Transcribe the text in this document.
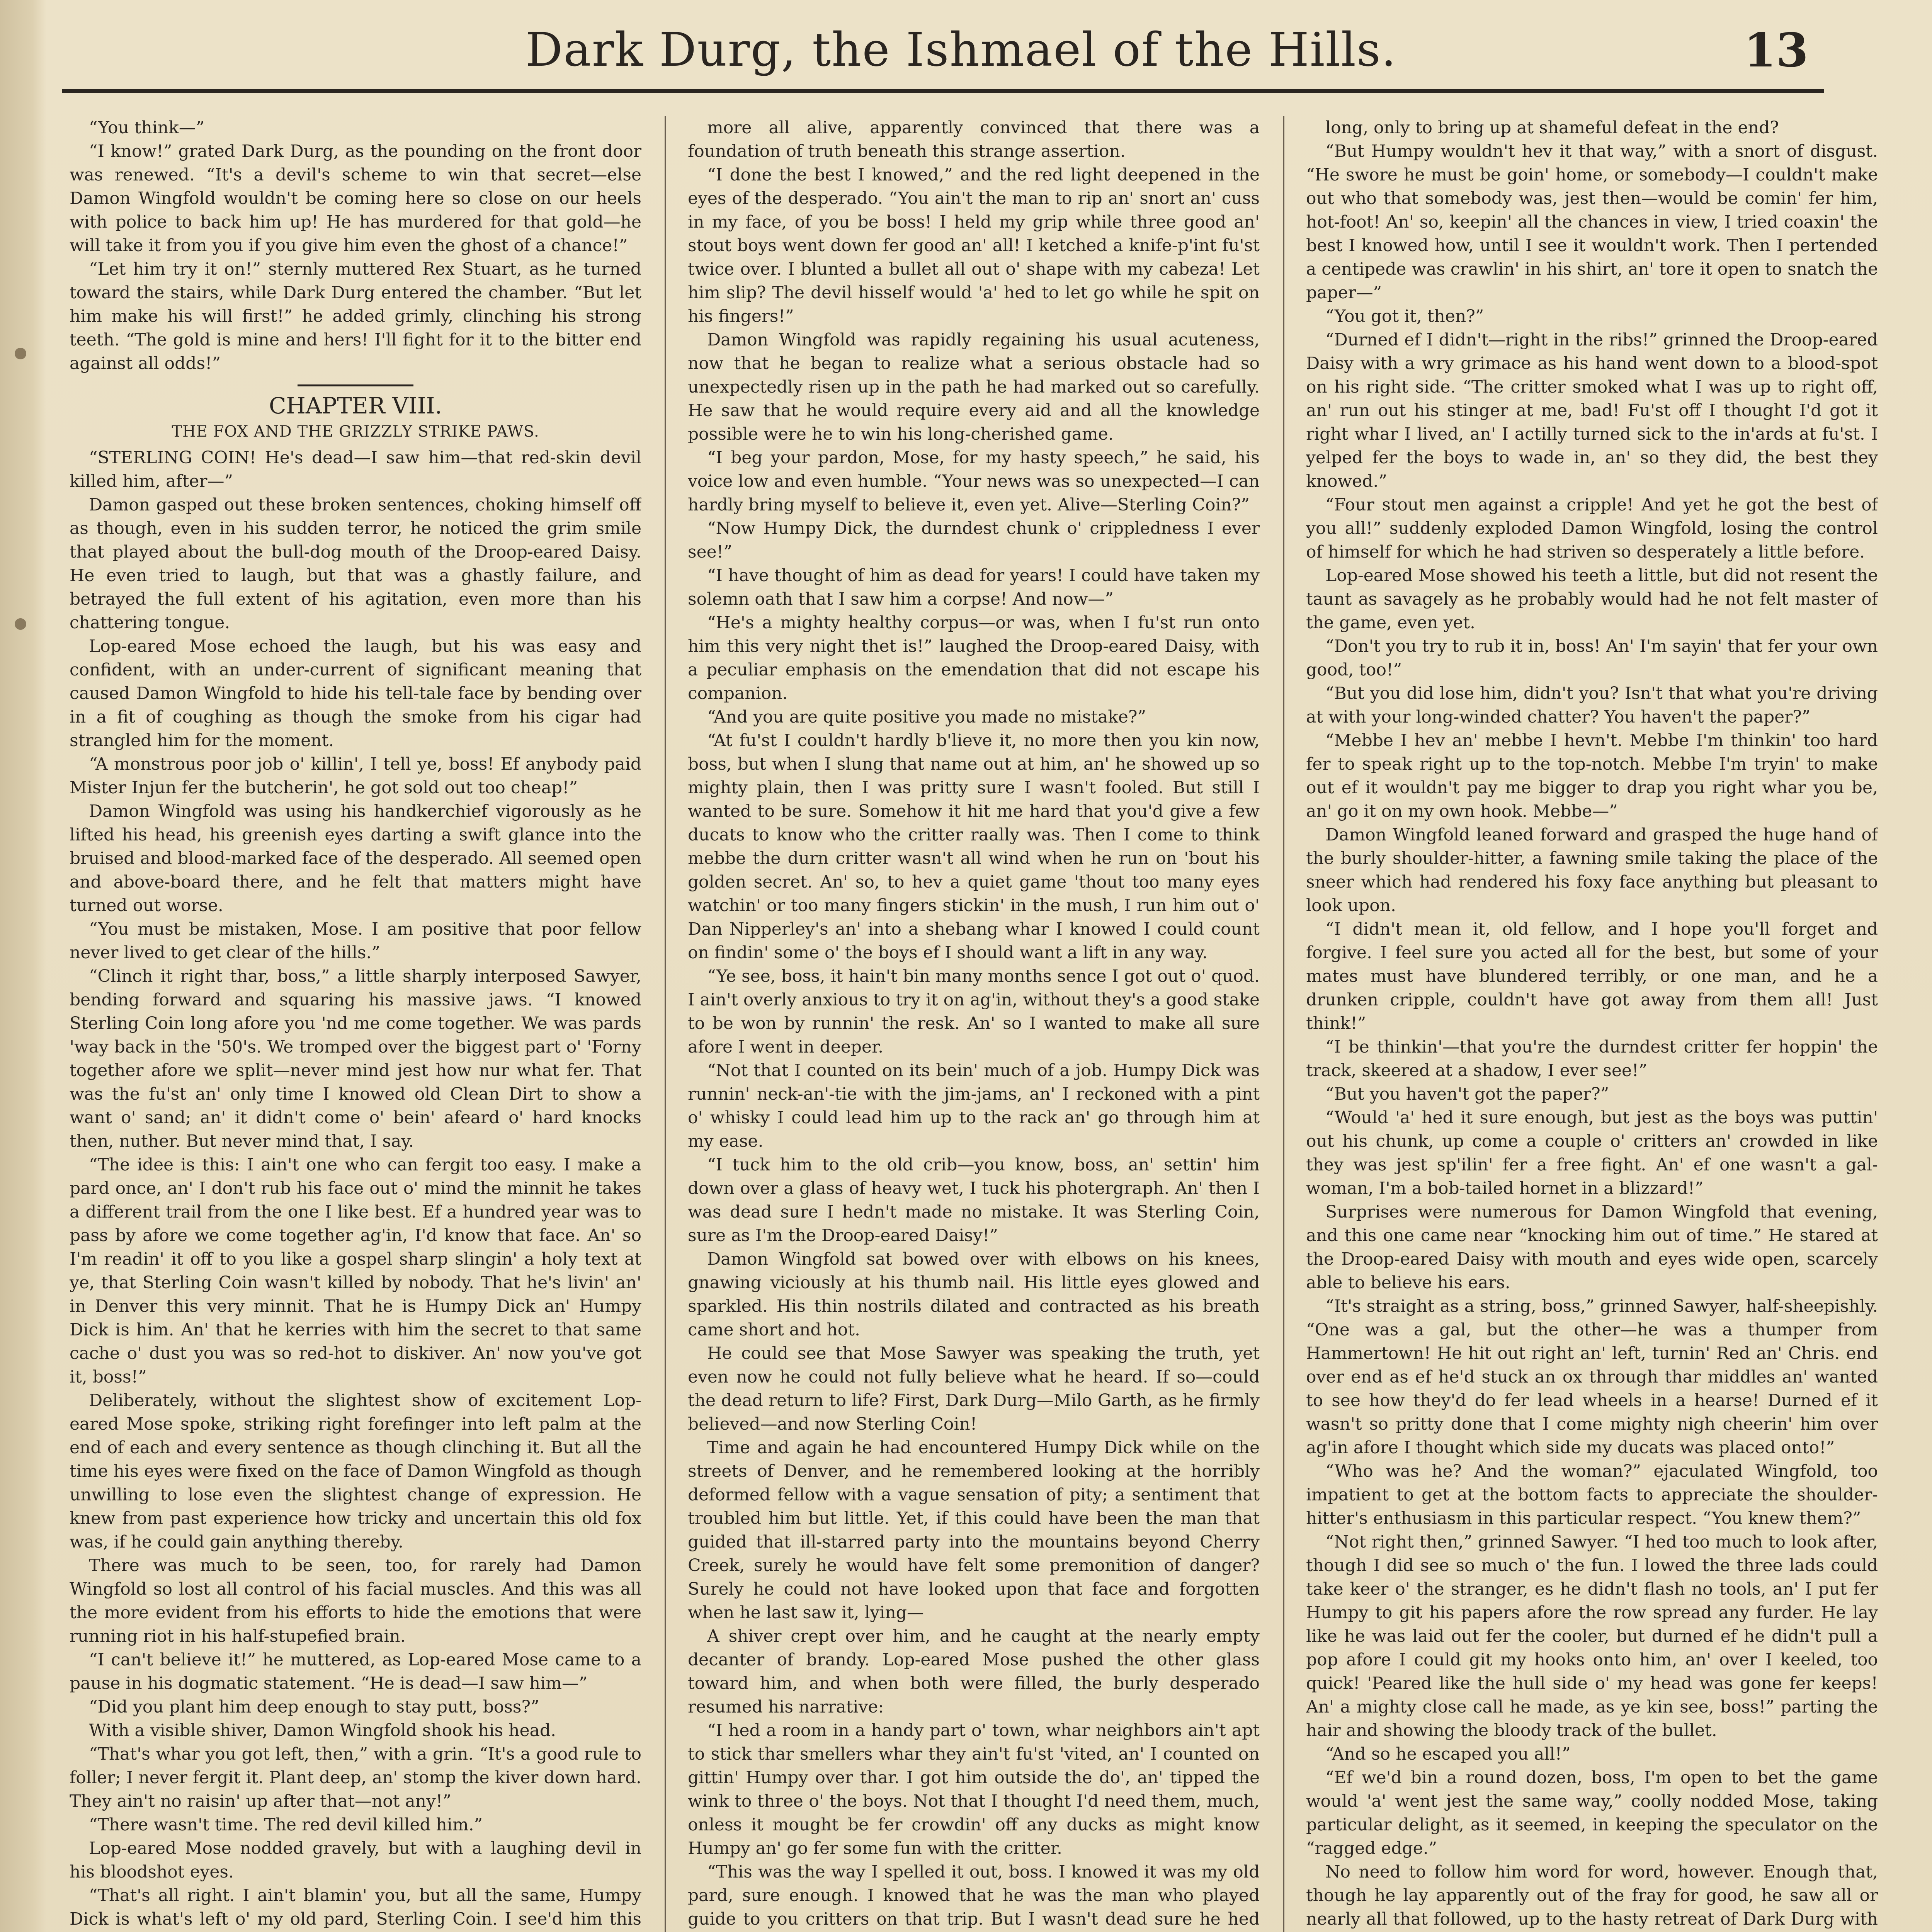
Dark Durg, the Ishmael of the Hills.	13

“You think—”

“I know!” grated Dark Durg, as the pounding on the front door was renewed. “It's a devil's scheme to win that secret—else Damon Wingfold wouldn't be coming here so close on our heels with police to back him up! He has murdered for that gold—he will take it from you if you give him even the ghost of a chance!”

“Let him try it on!” sternly muttered Rex Stuart, as he turned toward the stairs, while Dark Durg entered the chamber. “But let him make his will first!” he added grimly, clinching his strong teeth. “The gold is mine and hers! I'll fight for it to the bitter end against all odds!”

CHAPTER VIII.

THE FOX AND THE GRIZZLY STRIKE PAWS.

“STERLING COIN! He's dead—I saw him—that red-skin devil killed him, after—”

Damon gasped out these broken sentences, choking himself off as though, even in his sudden terror, he noticed the grim smile that played about the bull-dog mouth of the Droop-eared Daisy. He even tried to laugh, but that was a ghastly failure, and betrayed the full extent of his agitation, even more than his chattering tongue.

Lop-eared Mose echoed the laugh, but his was easy and confident, with an under-current of significant meaning that caused Damon Wingfold to hide his tell-tale face by bending over in a fit of coughing as though the smoke from his cigar had strangled him for the moment.

“A monstrous poor job o' killin', I tell ye, boss! Ef anybody paid Mister Injun fer the butcherin', he got sold out too cheap!”

Damon Wingfold was using his handkerchief vigorously as he lifted his head, his greenish eyes darting a swift glance into the bruised and blood-marked face of the desperado. All seemed open and above-board there, and he felt that matters might have turned out worse.

“You must be mistaken, Mose. I am positive that poor fellow never lived to get clear of the hills.”

“Clinch it right thar, boss,” a little sharply interposed Sawyer, bending forward and squaring his massive jaws. “I knowed Sterling Coin long afore you 'nd me come together. We was pards 'way back in the '50's. We tromped over the biggest part o' 'Forny together afore we split—never mind jest how nur what fer. That was the fu'st an' only time I knowed old Clean Dirt to show a want o' sand; an' it didn't come o' bein' afeard o' hard knocks then, nuther. But never mind that, I say.

“The idee is this: I ain't one who can fergit too easy. I make a pard once, an' I don't rub his face out o' mind the minnit he takes a different trail from the one I like best. Ef a hundred year was to pass by afore we come together ag'in, I'd know that face. An' so I'm readin' it off to you like a gospel sharp slingin' a holy text at ye, that Sterling Coin wasn't killed by nobody. That he's livin' an' in Denver this very minnit. That he is Humpy Dick an' Humpy Dick is him. An' that he kerries with him the secret to that same cache o' dust you was so red-hot to diskiver. An' now you've got it, boss!”

Deliberately, without the slightest show of excitement Lop-eared Mose spoke, striking right forefinger into left palm at the end of each and every sentence as though clinching it. But all the time his eyes were fixed on the face of Damon Wingfold as though unwilling to lose even the slightest change of expression. He knew from past experience how tricky and uncertain this old fox was, if he could gain anything thereby.

There was much to be seen, too, for rarely had Damon Wingfold so lost all control of his facial muscles. And this was all the more evident from his efforts to hide the emotions that were running riot in his half-stupefied brain.

“I can't believe it!” he muttered, as Lop-eared Mose came to a pause in his dogmatic statement. “He is dead—I saw him—”

“Did you plant him deep enough to stay putt, boss?”

With a visible shiver, Damon Wingfold shook his head.

“That's whar you got left, then,” with a grin. “It's a good rule to foller; I never fergit it. Plant deep, an' stomp the kiver down hard. They ain't no raisin' up after that—not any!”

“There wasn't time. The red devil killed him.”

Lop-eared Mose nodded gravely, but with a laughing devil in his bloodshot eyes.

“That's all right. I ain't blamin' you, but all the same, Humpy Dick is what's left o' my old pard, Sterling Coin. I see'd him this

more all alive, apparently convinced that there was a foundation of truth beneath this strange assertion.

“I done the best I knowed,” and the red light deepened in the eyes of the desperado. “You ain't the man to rip an' snort an' cuss in my face, of you be boss! I held my grip while three good an' stout boys went down fer good an' all! I ketched a knife-p'int fu'st twice over. I blunted a bullet all out o' shape with my cabeza! Let him slip? The devil hisself would 'a' hed to let go while he spit on his fingers!”

Damon Wingfold was rapidly regaining his usual acuteness, now that he began to realize what a serious obstacle had so unexpectedly risen up in the path he had marked out so carefully. He saw that he would require every aid and all the knowledge possible were he to win his long-cherished game.

“I beg your pardon, Mose, for my hasty speech,” he said, his voice low and even humble. “Your news was so unexpected—I can hardly bring myself to believe it, even yet. Alive—Sterling Coin?”

“Now Humpy Dick, the durndest chunk o' crippledness I ever see!”

“I have thought of him as dead for years! I could have taken my solemn oath that I saw him a corpse! And now—”

“He's a mighty healthy corpus—or was, when I fu'st run onto him this very night thet is!” laughed the Droop-eared Daisy, with a peculiar emphasis on the emendation that did not escape his companion.

“And you are quite positive you made no mistake?”

“At fu'st I couldn't hardly b'lieve it, no more then you kin now, boss, but when I slung that name out at him, an' he showed up so mighty plain, then I was pritty sure I wasn't fooled. But still I wanted to be sure. Somehow it hit me hard that you'd give a few ducats to know who the critter raally was. Then I come to think mebbe the durn critter wasn't all wind when he run on 'bout his golden secret. An' so, to hev a quiet game 'thout too many eyes watchin' or too many fingers stickin' in the mush, I run him out o' Dan Nipperley's an' into a shebang whar I knowed I could count on findin' some o' the boys ef I should want a lift in any way.

“Ye see, boss, it hain't bin many months sence I got out o' quod. I ain't overly anxious to try it on ag'in, without they's a good stake to be won by runnin' the resk. An' so I wanted to make all sure afore I went in deeper.

“Not that I counted on its bein' much of a job. Humpy Dick was runnin' neck-an'-tie with the jim-jams, an' I reckoned with a pint o' whisky I could lead him up to the rack an' go through him at my ease.

“I tuck him to the old crib—you know, boss, an' settin' him down over a glass of heavy wet, I tuck his photergraph. An' then I was dead sure I hedn't made no mistake. It was Sterling Coin, sure as I'm the Droop-eared Daisy!”

Damon Wingfold sat bowed over with elbows on his knees, gnawing viciously at his thumb nail. His little eyes glowed and sparkled. His thin nostrils dilated and contracted as his breath came short and hot.

He could see that Mose Sawyer was speaking the truth, yet even now he could not fully believe what he heard. If so—could the dead return to life? First, Dark Durg—Milo Garth, as he firmly believed—and now Sterling Coin!

Time and again he had encountered Humpy Dick while on the streets of Denver, and he remembered looking at the horribly deformed fellow with a vague sensation of pity; a sentiment that troubled him but little. Yet, if this could have been the man that guided that ill-starred party into the mountains beyond Cherry Creek, surely he would have felt some premonition of danger? Surely he could not have looked upon that face and forgotten when he last saw it, lying—

A shiver crept over him, and he caught at the nearly empty decanter of brandy. Lop-eared Mose pushed the other glass toward him, and when both were filled, the burly desperado resumed his narrative:

“I hed a room in a handy part o' town, whar neighbors ain't apt to stick thar smellers whar they ain't fu'st 'vited, an' I counted on gittin' Humpy over thar. I got him outside the do', an' tipped the wink to three o' the boys. Not that I thought I'd need them, much, onless it mought be fer crowdin' off any ducks as might know Humpy an' go fer some fun with the critter.

“This was the way I spelled it out, boss. I knowed it was my old pard, sure enough. I knowed that he was the man who played guide to you critters on that trip. But I wasn't dead sure he hed

long, only to bring up at shameful defeat in the end?

“But Humpy wouldn't hev it that way,” with a snort of disgust. “He swore he must be goin' home, or somebody—I couldn't make out who that somebody was, jest then—would be comin' fer him, hot-foot! An' so, keepin' all the chances in view, I tried coaxin' the best I knowed how, until I see it wouldn't work. Then I pertended a centipede was crawlin' in his shirt, an' tore it open to snatch the paper—”

“You got it, then?”

“Durned ef I didn't—right in the ribs!” grinned the Droop-eared Daisy with a wry grimace as his hand went down to a blood-spot on his right side. “The critter smoked what I was up to right off, an' run out his stinger at me, bad! Fu'st off I thought I'd got it right whar I lived, an' I actilly turned sick to the in'ards at fu'st. I yelped fer the boys to wade in, an' so they did, the best they knowed.”

“Four stout men against a cripple! And yet he got the best of you all!” suddenly exploded Damon Wingfold, losing the control of himself for which he had striven so desperately a little before.

Lop-eared Mose showed his teeth a little, but did not resent the taunt as savagely as he probably would had he not felt master of the game, even yet.

“Don't you try to rub it in, boss! An' I'm sayin' that fer your own good, too!”

“But you did lose him, didn't you? Isn't that what you're driving at with your long-winded chatter? You haven't the paper?”

“Mebbe I hev an' mebbe I hevn't. Mebbe I'm thinkin' too hard fer to speak right up to the top-notch. Mebbe I'm tryin' to make out ef it wouldn't pay me bigger to drap you right whar you be, an' go it on my own hook. Mebbe—”

Damon Wingfold leaned forward and grasped the huge hand of the burly shoulder-hitter, a fawning smile taking the place of the sneer which had rendered his foxy face anything but pleasant to look upon.

“I didn't mean it, old fellow, and I hope you'll forget and forgive. I feel sure you acted all for the best, but some of your mates must have blundered terribly, or one man, and he a drunken cripple, couldn't have got away from them all! Just think!”

“I be thinkin'—that you're the durndest critter fer hoppin' the track, skeered at a shadow, I ever see!”

“But you haven't got the paper?”

“Would 'a' hed it sure enough, but jest as the boys was puttin' out his chunk, up come a couple o' critters an' crowded in like they was jest sp'ilin' fer a free fight. An' ef one wasn't a gal-woman, I'm a bob-tailed hornet in a blizzard!”

Surprises were numerous for Damon Wingfold that evening, and this one came near “knocking him out of time.” He stared at the Droop-eared Daisy with mouth and eyes wide open, scarcely able to believe his ears.

“It's straight as a string, boss,” grinned Sawyer, half-sheepishly. “One was a gal, but the other—he was a thumper from Hammertown! He hit out right an' left, turnin' Red an' Chris. end over end as ef he'd stuck an ox through thar middles an' wanted to see how they'd do fer lead wheels in a hearse! Durned ef it wasn't so pritty done that I come mighty nigh cheerin' him over ag'in afore I thought which side my ducats was placed onto!”

“Who was he? And the woman?” ejaculated Wingfold, too impatient to get at the bottom facts to appreciate the shoulder-hitter's enthusiasm in this particular respect. “You knew them?”

“Not right then,” grinned Sawyer. “I hed too much to look after, though I did see so much o' the fun. I lowed the three lads could take keer o' the stranger, es he didn't flash no tools, an' I put fer Humpy to git his papers afore the row spread any furder. He lay like he was laid out fer the cooler, but durned ef he didn't pull a pop afore I could git my hooks onto him, an' over I keeled, too quick! 'Peared like the hull side o' my head was gone fer keeps! An' a mighty close call he made, as ye kin see, boss!” parting the hair and showing the bloody track of the bullet.

“And so he escaped you all!”

“Ef we'd bin a round dozen, boss, I'm open to bet the game would 'a' went jest the same way,” coolly nodded Mose, taking particular delight, as it seemed, in keeping the speculator on the “ragged edge.”

No need to follow him word for word, however. Enough that, though he lay apparently out of the fray for good, he saw all or nearly all that followed, up to the hasty retreat of Dark Durg with
